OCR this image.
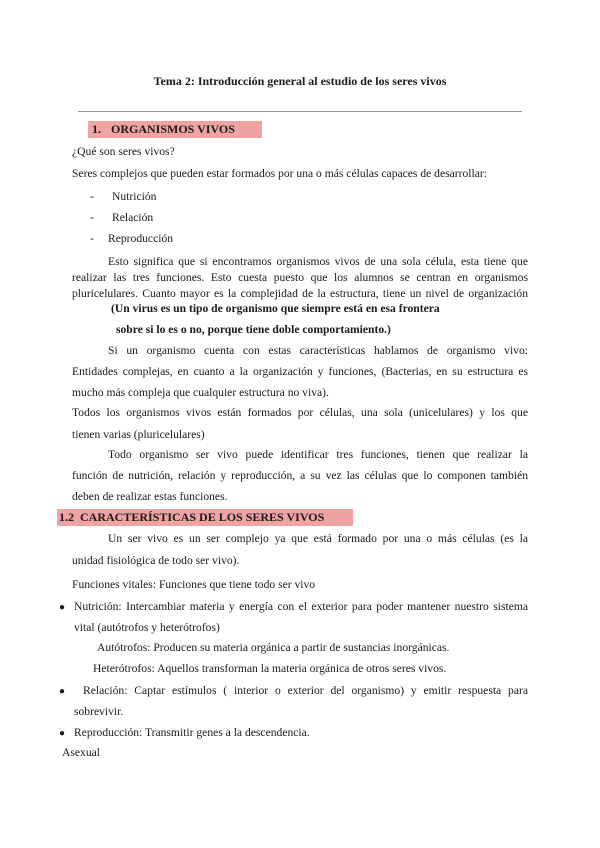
Tema 2: Introducción general al estudio de los seres vivos
1. ORGANISMOS VIVOS
¿Qué son seres vivos?
Seres complejos que pueden estar formados por una o más células capaces de desarrollar:
- Nutrición
- Relación
- Reproducción
Esto significa que si encontramos organismos vivos de una sola célula, esta tiene que
realizar las tres funciones. Esto cuesta puesto que los alumnos se centran en organismos
pluricelulares. Cuanto mayor es la complejidad de la estructura, tiene un nivel de organización
(Un virus es un tipo de organismo que siempre está en esa frontera
sobre si lo es o no, porque tiene doble comportamiento.)
Si un organismo cuenta con estas características hablamos de organismo vivo:
Entidades complejas, en cuanto a la organización y funciones, (Bacterias, en su estructura es
mucho más compleja que cualquier estructura no viva).
Todos los organismos vivos están formados por células, una sola (unicelulares) y los que
tienen varias (pluricelulares)
Todo organismo ser vivo puede identificar tres funciones, tienen que realizar la
función de nutrición, relación y reproducción, a su vez las células que lo componen también
deben de realizar estas funciones.
1.2 CARACTERÍSTICAS DE LOS SERES VIVOS
Un ser vivo es un ser complejo ya que está formado por una o más células (es la
unidad fisiológica de todo ser vivo).
Funciones vitales: Funciones que tiene todo ser vivo
● Nutrición: Intercambiar materia y energía con el exterior para poder mantener nuestro sistema
vital (autótrofos y heterótrofos)
Autótrofos: Producen su materia orgánica a partir de sustancias inorgánicas.
Heterótrofos: Aquellos transforman la materia orgánica de otros seres vivos.
● Relación: Captar estímulos ( interior o exterior del organismo) y emitir respuesta para
sobrevivir.
● Reproducción: Transmitir genes a la descendencia.
Asexual
